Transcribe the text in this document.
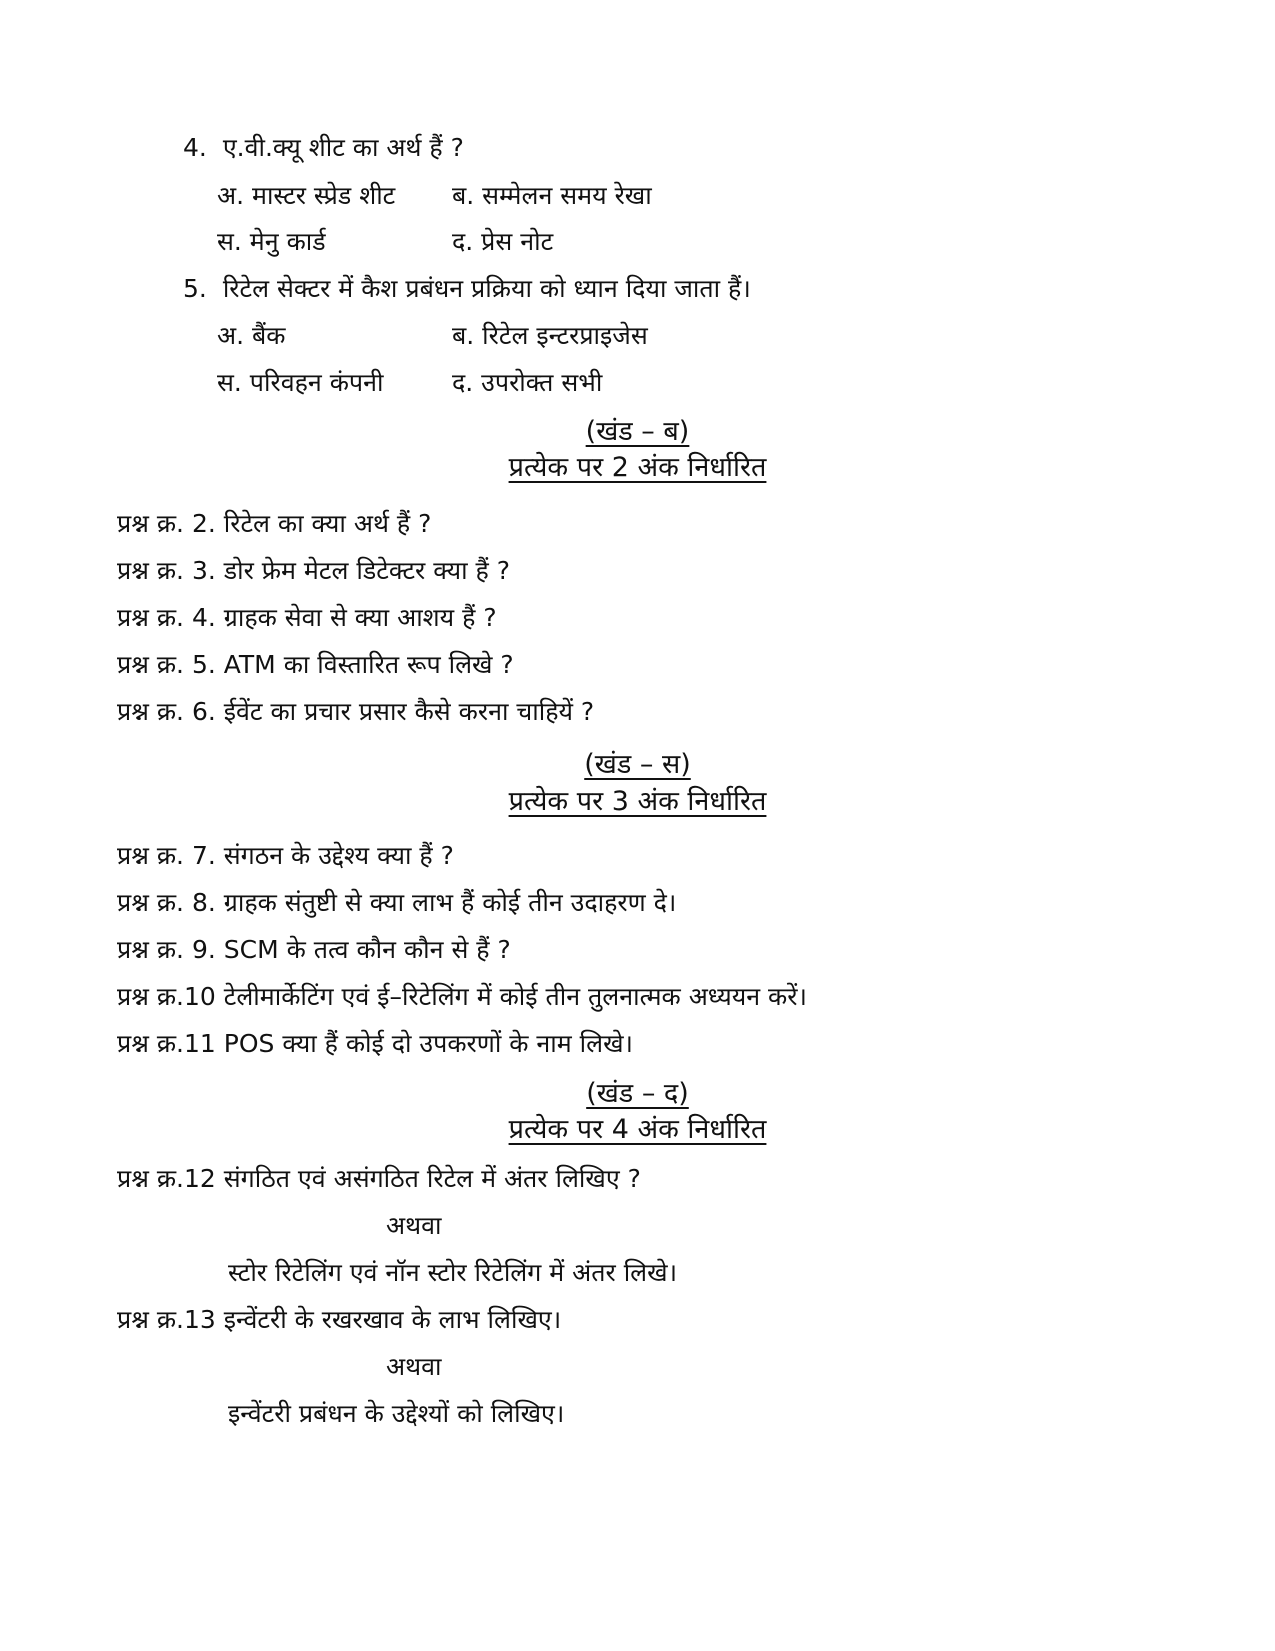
4. ए.वी.क्यू शीट का अर्थ हैं ?
अ. मास्टर स्प्रेड शीट ब. सम्मेलन समय रेखा
स. मेनु कार्ड	द. प्रेस नोट
5. रिटेल सेक्टर में कैश प्रबंधन प्रक्रिया को ध्यान दिया जाता हैं।
अ. बैंक	ब. रिटेल इन्टरप्राइजेस
स. परिवहन कंपनी	द. उपरोक्त सभी
(खंड – ब)
प्रत्येक पर 2 अंक निर्धारित
प्रश्न क्र. 2. रिटेल का क्या अर्थ हैं ?
प्रश्न क्र. 3. डोर फ्रेम मेटल डिटेक्टर क्या हैं ?
प्रश्न क्र. 4. ग्राहक सेवा से क्या आशय हैं ?
प्रश्न क्र. 5. ATM का विस्तारित रूप लिखे ?
प्रश्न क्र. 6. ईवेंट का प्रचार प्रसार कैसे करना चाहियें ?
(खंड – स)
प्रत्येक पर 3 अंक निर्धारित
प्रश्न क्र. 7. संगठन के उद्देश्य क्या हैं ?
प्रश्न क्र. 8. ग्राहक संतुष्टी से क्या लाभ हैं कोई तीन उदाहरण दे।
प्रश्न क्र. 9. SCM के तत्व कौन कौन से हैं ?
प्रश्न क्र.10 टेलीमार्केटिंग एवं ई–रिटेलिंग में कोई तीन तुलनात्मक अध्ययन करें।
प्रश्न क्र.11 POS क्या हैं कोई दो उपकरणों के नाम लिखे।
(खंड – द)
प्रत्येक पर 4 अंक निर्धारित
प्रश्न क्र.12 संगठित एवं असंगठित रिटेल में अंतर लिखिए ?
अथवा
स्टोर रिटेलिंग एवं नॉन स्टोर रिटेलिंग में अंतर लिखे।
प्रश्न क्र.13 इन्वेंटरी के रखरखाव के लाभ लिखिए।
अथवा
इन्वेंटरी प्रबंधन के उद्देश्यों को लिखिए।
